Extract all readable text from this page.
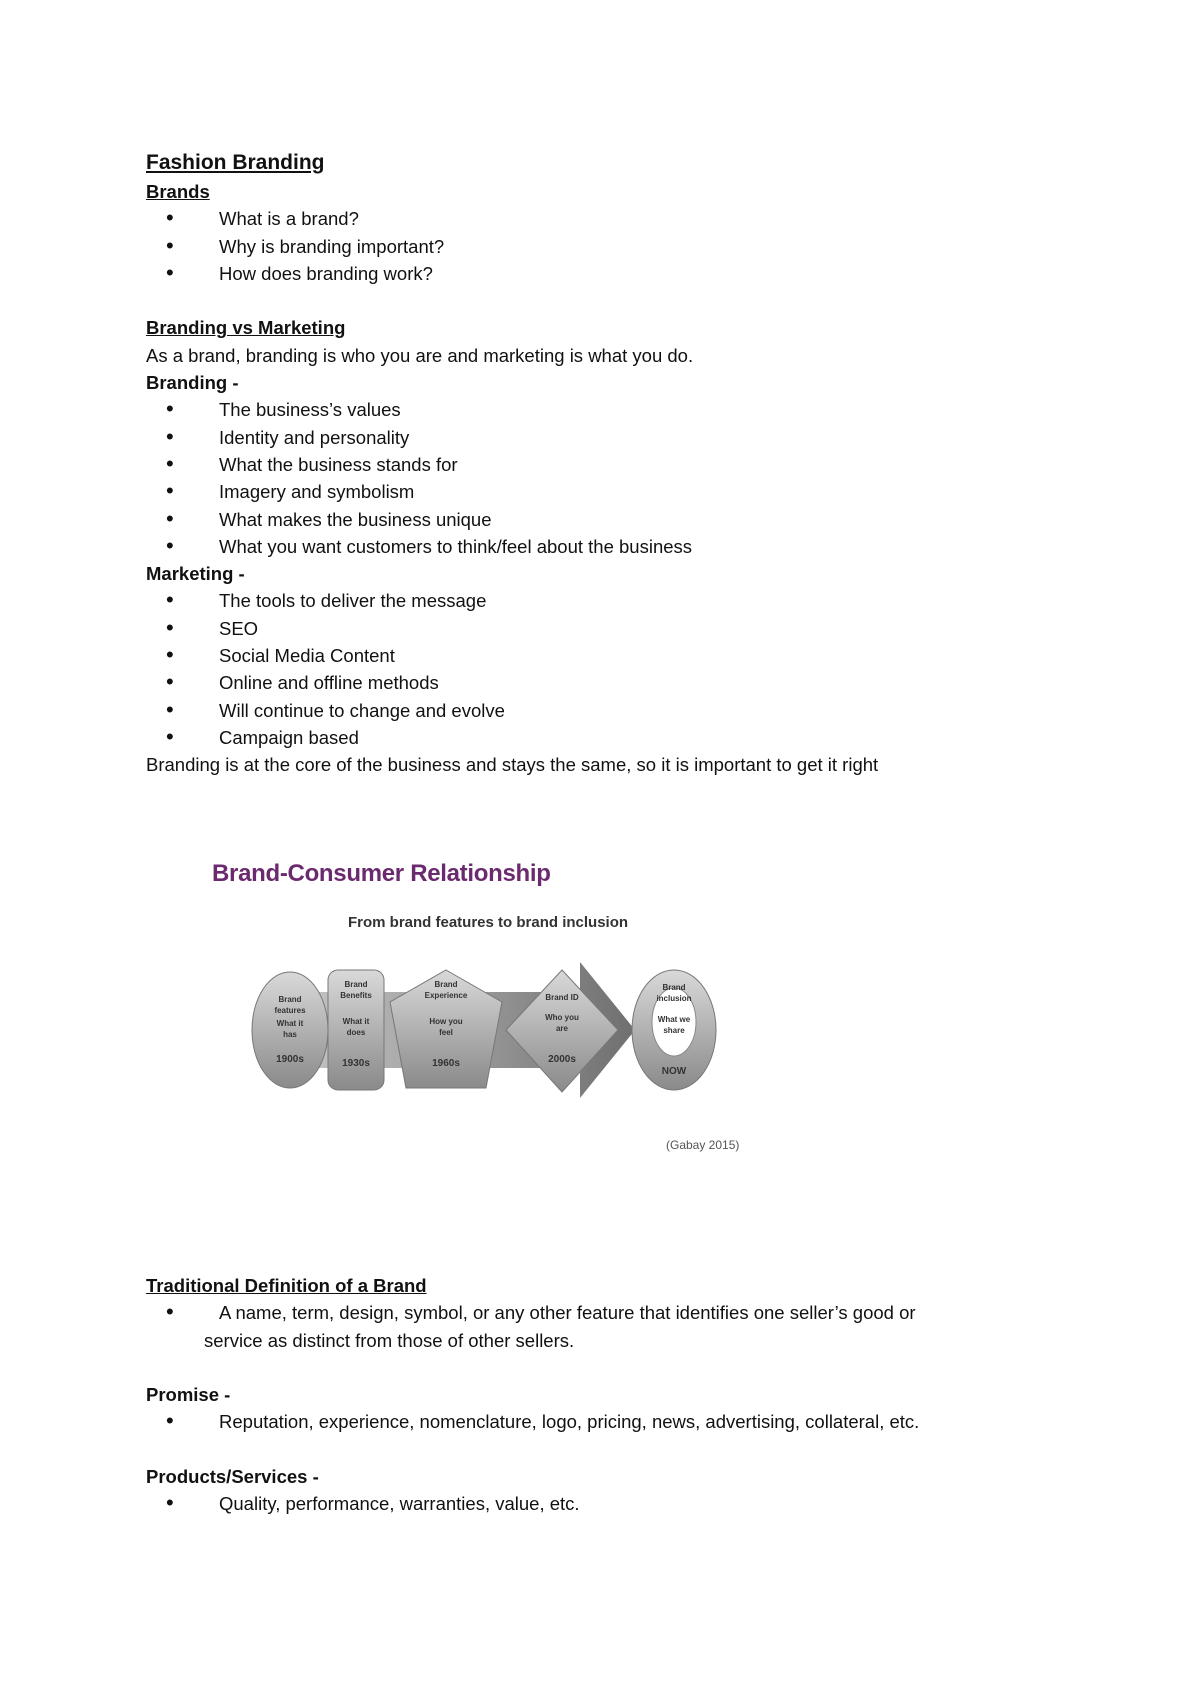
Fashion Branding
Brands
• What is a brand?
• Why is branding important?
• How does branding work?
Branding vs Marketing
As a brand, branding is who you are and marketing is what you do.
Branding -
• The business’s values
• Identity and personality
• What the business stands for
• Imagery and symbolism
• What makes the business unique
• What you want customers to think/feel about the business
Marketing -
• The tools to deliver the message
• SEO
• Social Media Content
• Online and offline methods
• Will continue to change and evolve
• Campaign based
Branding is at the core of the business and stays the same, so it is important to get it right
Brand-Consumer Relationship
From brand features to brand inclusion
Brand
features
What it
has
1900s
Brand
Benefits
What it
does
1930s
Brand
Experience
How you
feel
1960s
Brand ID
Who you
are
2000s
Brand
inclusion
What we
share
NOW
(Gabay 2015)
Traditional Definition of a Brand
• A name, term, design, symbol, or any other feature that identifies one seller’s good or
service as distinct from those of other sellers.
Promise -
• Reputation, experience, nomenclature, logo, pricing, news, advertising, collateral, etc.
Products/Services -
• Quality, performance, warranties, value, etc.
